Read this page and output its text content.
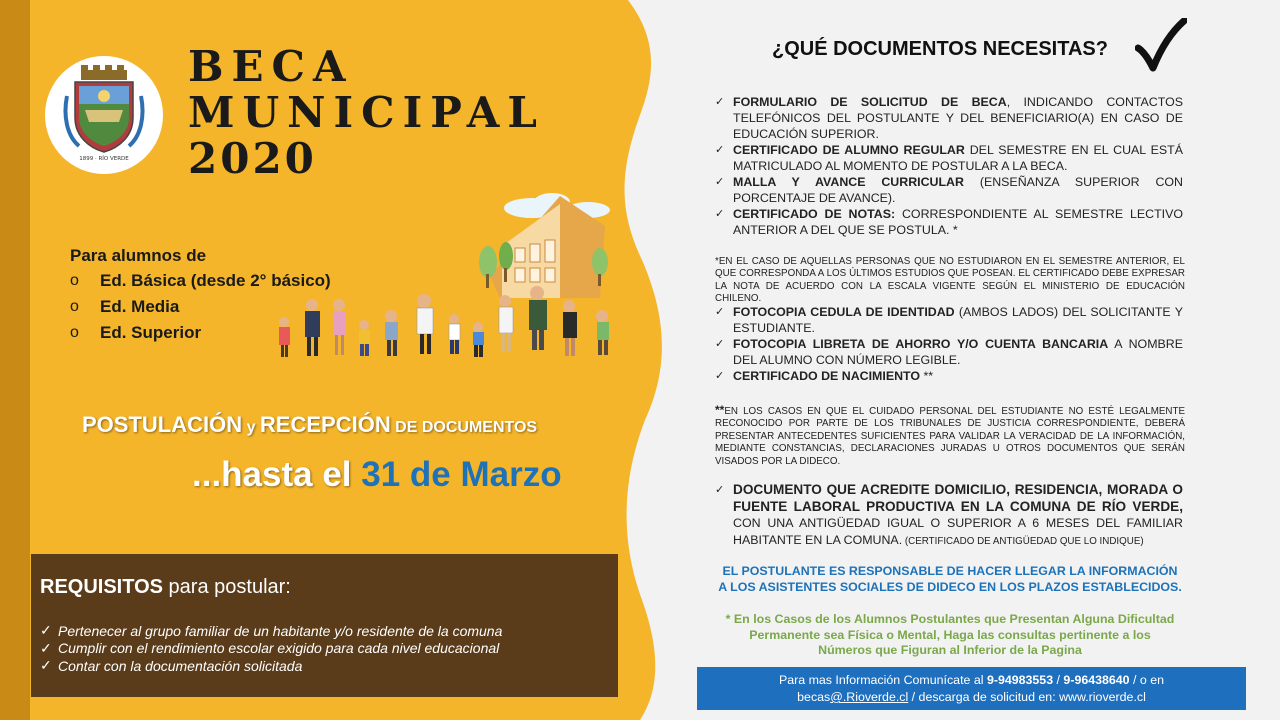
1899 · RÍO VERDE
BECA
MUNICIPAL
2020
Para alumnos de
o	Ed. Básica (desde 2° básico)
o	Ed. Media
o	Ed. Superior
POSTULACIÓN y RECEPCIÓN DE DOCUMENTOS
...hasta el 31 de Marzo
REQUISITOS para postular:
✓ Pertenecer al grupo familiar de un habitante y/o residente de la comuna
✓ Cumplir con el rendimiento escolar exigido para cada nivel educacional
✓ Contar con la documentación solicitada
¿QUÉ DOCUMENTOS NECESITAS?
✓ FORMULARIO DE SOLICITUD DE BECA, INDICANDO CONTACTOS TELEFÓNICOS DEL POSTULANTE Y DEL BENEFICIARIO(A) EN CASO DE EDUCACIÓN SUPERIOR.
✓ CERTIFICADO DE ALUMNO REGULAR DEL SEMESTRE EN EL CUAL ESTÁ MATRICULADO AL MOMENTO DE POSTULAR A LA BECA.
✓ MALLA Y AVANCE CURRICULAR (ENSEÑANZA SUPERIOR CON PORCENTAJE DE AVANCE).
✓ CERTIFICADO DE NOTAS: CORRESPONDIENTE AL SEMESTRE LECTIVO ANTERIOR A DEL QUE SE POSTULA. *
*EN EL CASO DE AQUELLAS PERSONAS QUE NO ESTUDIARON EN EL SEMESTRE ANTERIOR, EL QUE CORRESPONDA A LOS ÚLTIMOS ESTUDIOS QUE POSEAN. EL CERTIFICADO DEBE EXPRESAR LA NOTA DE ACUERDO CON LA ESCALA VIGENTE SEGÚN EL MINISTERIO DE EDUCACIÓN CHILENO.
✓ FOTOCOPIA CEDULA DE IDENTIDAD (AMBOS LADOS) DEL SOLICITANTE Y ESTUDIANTE.
✓ FOTOCOPIA LIBRETA DE AHORRO Y/O CUENTA BANCARIA A NOMBRE DEL ALUMNO CON NÚMERO LEGIBLE.
✓ CERTIFICADO DE NACIMIENTO **
**EN LOS CASOS EN QUE EL CUIDADO PERSONAL DEL ESTUDIANTE NO ESTÉ LEGALMENTE RECONOCIDO POR PARTE DE LOS TRIBUNALES DE JUSTICIA CORRESPONDIENTE, DEBERÁ PRESENTAR ANTECEDENTES SUFICIENTES PARA VALIDAR LA VERACIDAD DE LA INFORMACIÓN, MEDIANTE CONSTANCIAS, DECLARACIONES JURADAS U OTROS DOCUMENTOS QUE SERÁN VISADOS POR LA DIDECO.
✓ DOCUMENTO QUE ACREDITE DOMICILIO, RESIDENCIA, MORADA O FUENTE LABORAL PRODUCTIVA EN LA COMUNA DE RÍO VERDE, CON UNA ANTIGÜEDAD IGUAL O SUPERIOR A 6 MESES DEL FAMILIAR HABITANTE EN LA COMUNA. (CERTIFICADO DE ANTIGÜEDAD QUE LO INDIQUE)
EL POSTULANTE ES RESPONSABLE DE HACER LLEGAR LA INFORMACIÓN
A LOS ASISTENTES SOCIALES DE DIDECO EN LOS PLAZOS ESTABLECIDOS.
* En los Casos de los Alumnos Postulantes que Presentan Alguna Dificultad
Permanente sea Física o Mental, Haga las consultas pertinente a los
Números que Figuran al Inferior de la Pagina
Para mas Información Comunícate al 9-94983553 / 9-96438640 / o en
becas@.Rioverde.cl / descarga de solicitud en: www.rioverde.cl
